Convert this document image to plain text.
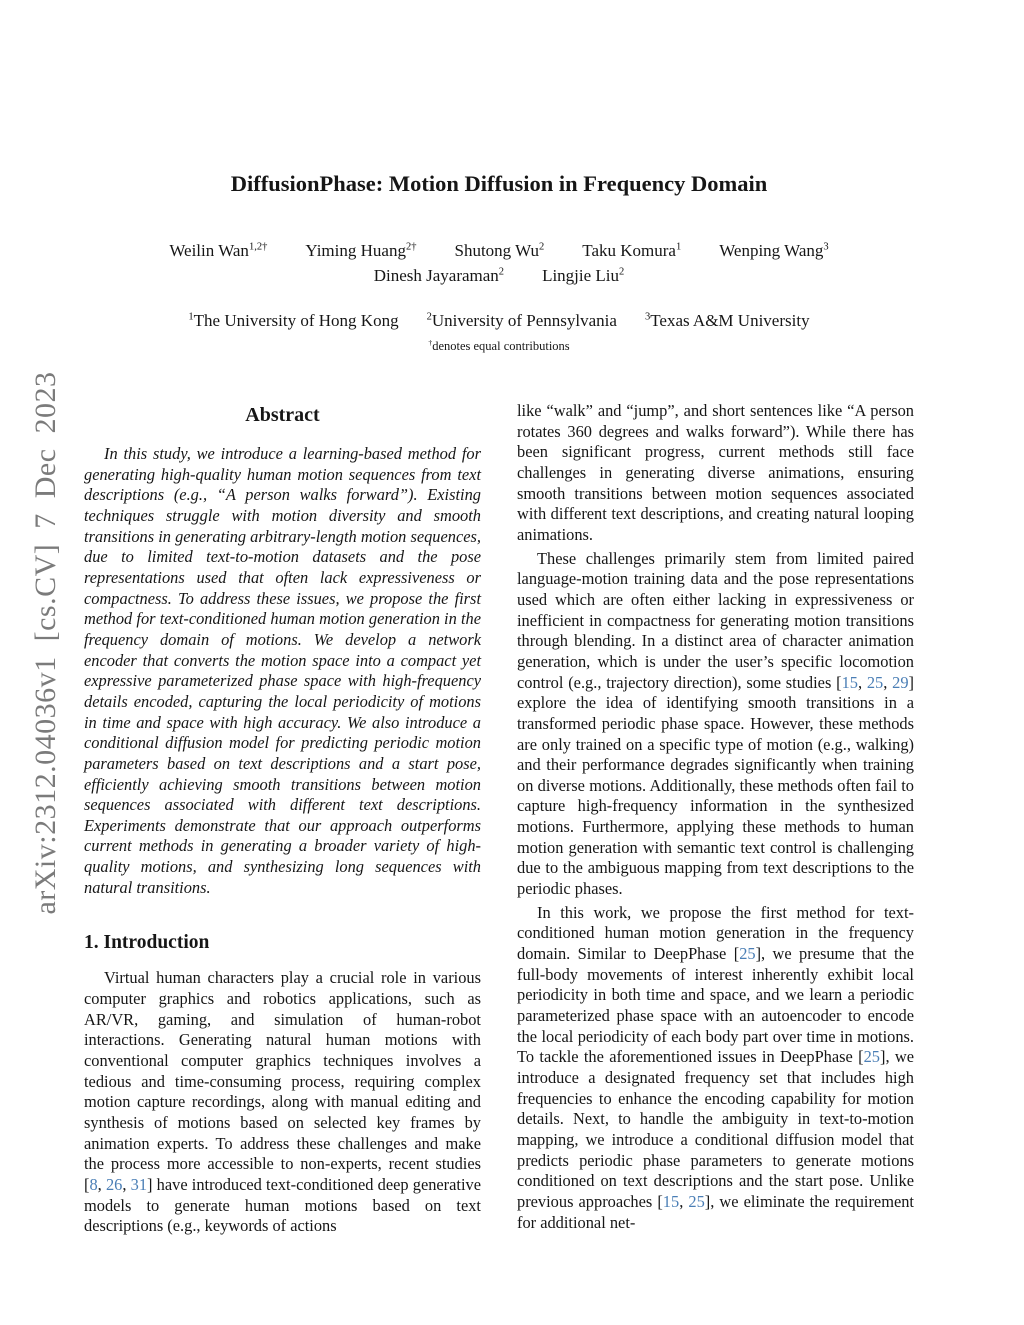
arXiv:2312.04036v1 [cs.CV] 7 Dec 2023
DiffusionPhase: Motion Diffusion in Frequency Domain
Weilin Wan$^{1,2\dagger}$ Yiming Huang$^{2\dagger}$ Shutong Wu$^2$ Taku Komura$^1$ Wenping Wang$^3$
Dinesh Jayaraman$^2$ Lingjie Liu$^2$
$^1$The University of Hong Kong	$^2$University of Pennsylvania	$^3$Texas A&M University
†denotes equal contributions
Abstract

In this study, we introduce a learning-based method for generating high-quality human motion sequences from text descriptions (e.g., “A person walks forward”). Existing techniques struggle with motion diversity and smooth transitions in generating arbitrary-length motion sequences, due to limited text-to-motion datasets and the pose representations used that often lack expressiveness or compactness. To address these issues, we propose the first method for text-conditioned human motion generation in the frequency domain of motions. We develop a network encoder that converts the motion space into a compact yet expressive parameterized phase space with high-frequency details encoded, capturing the local periodicity of motions in time and space with high accuracy. We also introduce a conditional diffusion model for predicting periodic motion parameters based on text descriptions and a start pose, efficiently achieving smooth transitions between motion sequences associated with different text descriptions. Experiments demonstrate that our approach outperforms current methods in generating a broader variety of high-quality motions, and synthesizing long sequences with natural transitions.

1. Introduction

Virtual human characters play a crucial role in various computer graphics and robotics applications, such as AR/VR, gaming, and simulation of human-robot interactions. Generating natural human motions with conventional computer graphics techniques involves a tedious and time-consuming process, requiring complex motion capture recordings, along with manual editing and synthesis of motions based on selected key frames by animation experts. To address these challenges and make the process more accessible to non-experts, recent studies [8, 26, 31] have introduced text-conditioned deep generative models to generate human motions based on text descriptions (e.g., keywords of actions

like “walk” and “jump”, and short sentences like “A person rotates 360 degrees and walks forward”). While there has been significant progress, current methods still face challenges in generating diverse animations, ensuring smooth transitions between motion sequences associated with different text descriptions, and creating natural looping animations.

These challenges primarily stem from limited paired language-motion training data and the pose representations used which are often either lacking in expressiveness or inefficient in compactness for generating motion transitions through blending. In a distinct area of character animation generation, which is under the user’s specific locomotion control (e.g., trajectory direction), some studies [15, 25, 29] explore the idea of identifying smooth transitions in a transformed periodic phase space. However, these methods are only trained on a specific type of motion (e.g., walking) and their performance degrades significantly when training on diverse motions. Additionally, these methods often fail to capture high-frequency information in the synthesized motions. Furthermore, applying these methods to human motion generation with semantic text control is challenging due to the ambiguous mapping from text descriptions to the periodic phases.

In this work, we propose the first method for text-conditioned human motion generation in the frequency domain. Similar to DeepPhase [25], we presume that the full-body movements of interest inherently exhibit local periodicity in both time and space, and we learn a periodic parameterized phase space with an autoencoder to encode the local periodicity of each body part over time in motions. To tackle the aforementioned issues in DeepPhase [25], we introduce a designated frequency set that includes high frequencies to enhance the encoding capability for motion details. Next, to handle the ambiguity in text-to-motion mapping, we introduce a conditional diffusion model that predicts periodic phase parameters to generate motions conditioned on text descriptions and the start pose. Unlike previous approaches [15, 25], we eliminate the requirement for additional net-
